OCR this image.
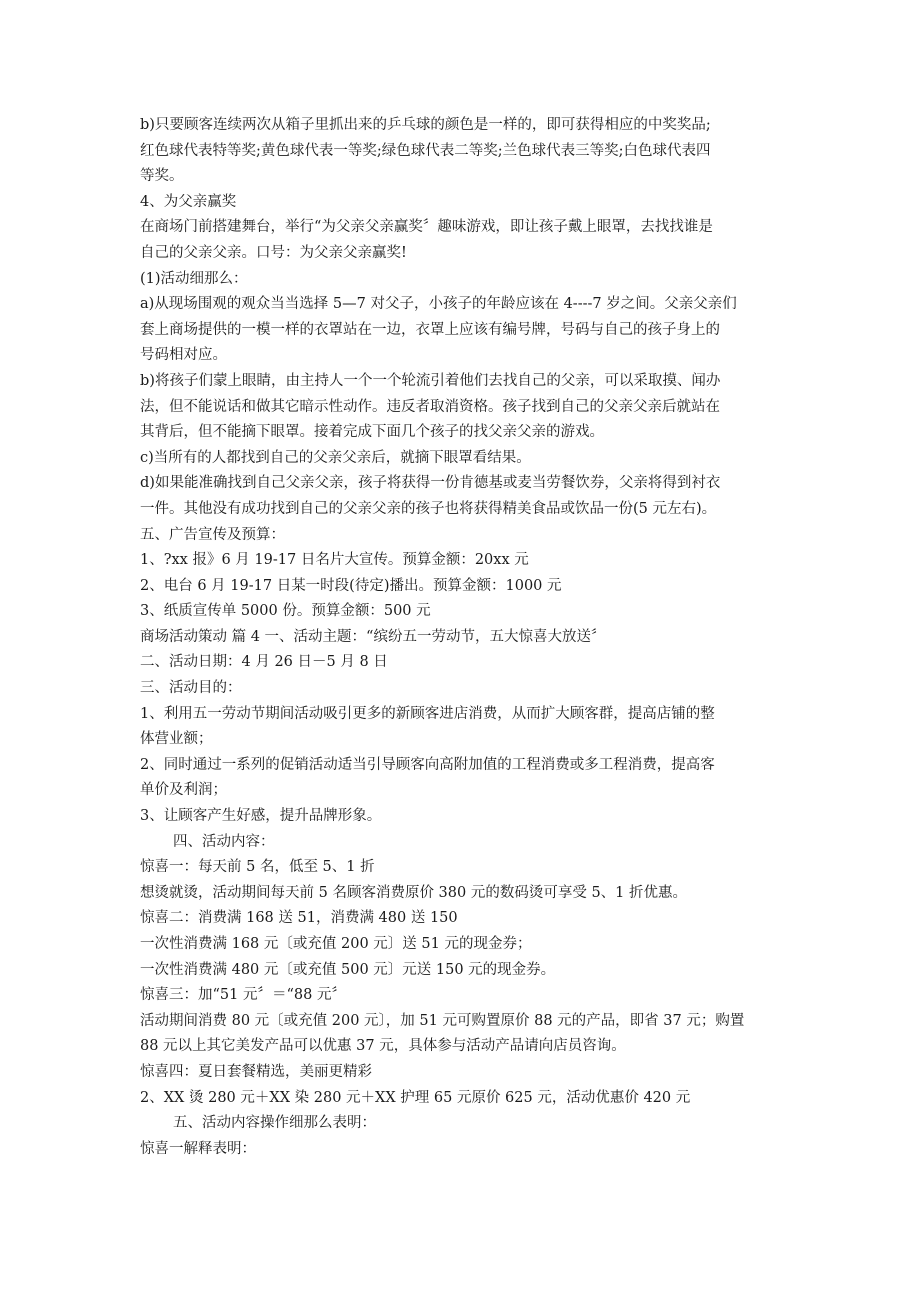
b)只要顾客连续两次从箱子里抓出来的乒乓球的颜色是一样的，即可获得相应的中奖奖品;
红色球代表特等奖;黄色球代表一等奖;绿色球代表二等奖;兰色球代表三等奖;白色球代表四
等奖。
4、为父亲赢奖
在商场门前搭建舞台，举行“为父亲父亲赢奖〞趣味游戏，即让孩子戴上眼罩，去找找谁是
自己的父亲父亲。口号：为父亲父亲赢奖!
(1)活动细那么：
a)从现场围观的观众当当选择 5—7 对父子，小孩子的年龄应该在 4----7 岁之间。父亲父亲们
套上商场提供的一模一样的衣罩站在一边，衣罩上应该有编号牌，号码与自己的孩子身上的
号码相对应。
b)将孩子们蒙上眼睛，由主持人一个一个轮流引着他们去找自己的父亲，可以采取摸、闻办
法，但不能说话和做其它暗示性动作。违反者取消资格。孩子找到自己的父亲父亲后就站在
其背后，但不能摘下眼罩。接着完成下面几个孩子的找父亲父亲的游戏。
c)当所有的人都找到自己的父亲父亲后，就摘下眼罩看结果。
d)如果能准确找到自己父亲父亲，孩子将获得一份肯德基或麦当劳餐饮券，父亲将得到衬衣
一件。其他没有成功找到自己的父亲父亲的孩子也将获得精美食品或饮品一份(5 元左右)。
五、广告宣传及预算：
1、?xx 报》6 月 19-17 日名片大宣传。预算金额：20xx 元
2、电台 6 月 19-17 日某一时段(待定)播出。预算金额：1000 元
3、纸质宣传单 5000 份。预算金额：500 元
商场活动策动 篇 4 一、活动主题：“缤纷五一劳动节，五大惊喜大放送〞
二、活动日期：4 月 26 日－5 月 8 日
三、活动目的：
1、利用五一劳动节期间活动吸引更多的新顾客进店消费，从而扩大顾客群，提高店铺的整
体营业额；
2、同时通过一系列的促销活动适当引导顾客向高附加值的工程消费或多工程消费，提高客
单价及利润；
3、让顾客产生好感，提升品牌形象。
四、活动内容：
惊喜一：每天前 5 名，低至 5、1 折
想烫就烫，活动期间每天前 5 名顾客消费原价 380 元的数码烫可享受 5、1 折优惠。
惊喜二：消费满 168 送 51，消费满 480 送 150
一次性消费满 168 元〔或充值 200 元〕送 51 元的现金券；
一次性消费满 480 元〔或充值 500 元〕元送 150 元的现金券。
惊喜三：加“51 元〞＝“88 元〞
活动期间消费 80 元〔或充值 200 元〕，加 51 元可购置原价 88 元的产品，即省 37 元；购置
88 元以上其它美发产品可以优惠 37 元，具体参与活动产品请向店员咨询。
惊喜四：夏日套餐精选，美丽更精彩
2、XX 烫 280 元＋XX 染 280 元＋XX 护理 65 元原价 625 元，活动优惠价 420 元
五、活动内容操作细那么表明：
惊喜一解释表明：
